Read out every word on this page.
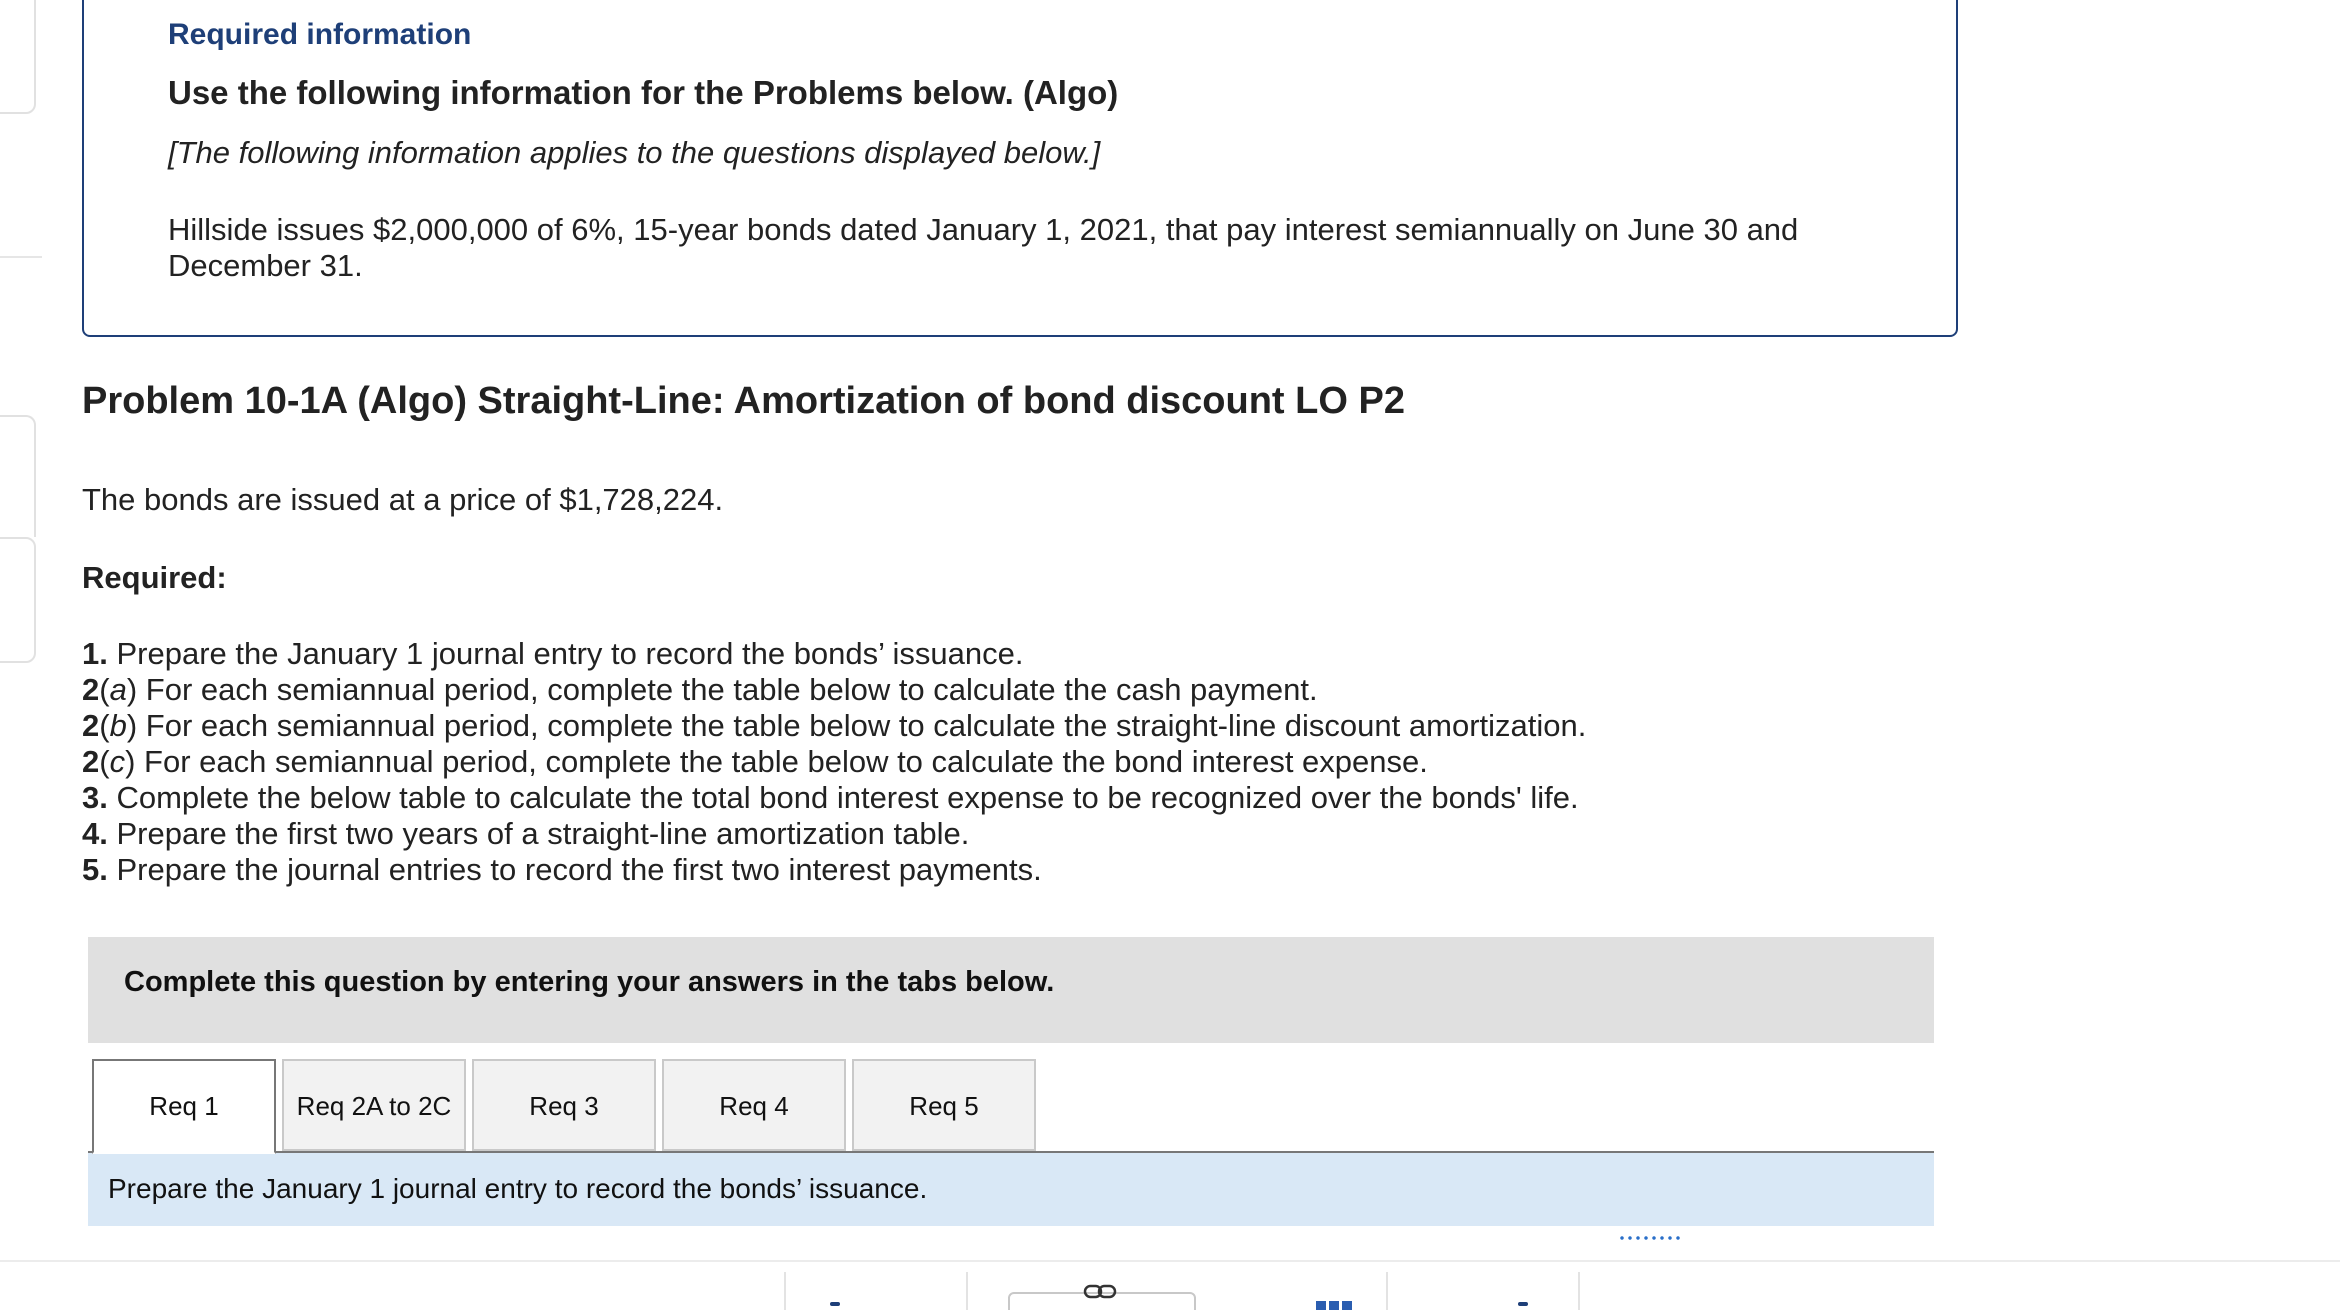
Required information
Use the following information for the Problems below. (Algo)
[The following information applies to the questions displayed below.]
Hillside issues $2,000,000 of 6%, 15-year bonds dated January 1, 2021, that pay interest semiannually on June 30 and December 31.
Problem 10-1A (Algo) Straight-Line: Amortization of bond discount LO P2
The bonds are issued at a price of $1,728,224.
Required:
1. Prepare the January 1 journal entry to record the bonds’ issuance.
2(a) For each semiannual period, complete the table below to calculate the cash payment.
2(b) For each semiannual period, complete the table below to calculate the straight-line discount amortization.
2(c) For each semiannual period, complete the table below to calculate the bond interest expense.
3. Complete the below table to calculate the total bond interest expense to be recognized over the bonds' life.
4. Prepare the first two years of a straight-line amortization table.
5. Prepare the journal entries to record the first two interest payments.
Complete this question by entering your answers in the tabs below.
Req 1	Req 2A to 2C	Req 3	Req 4	Req 5
Prepare the January 1 journal entry to record the bonds’ issuance.
